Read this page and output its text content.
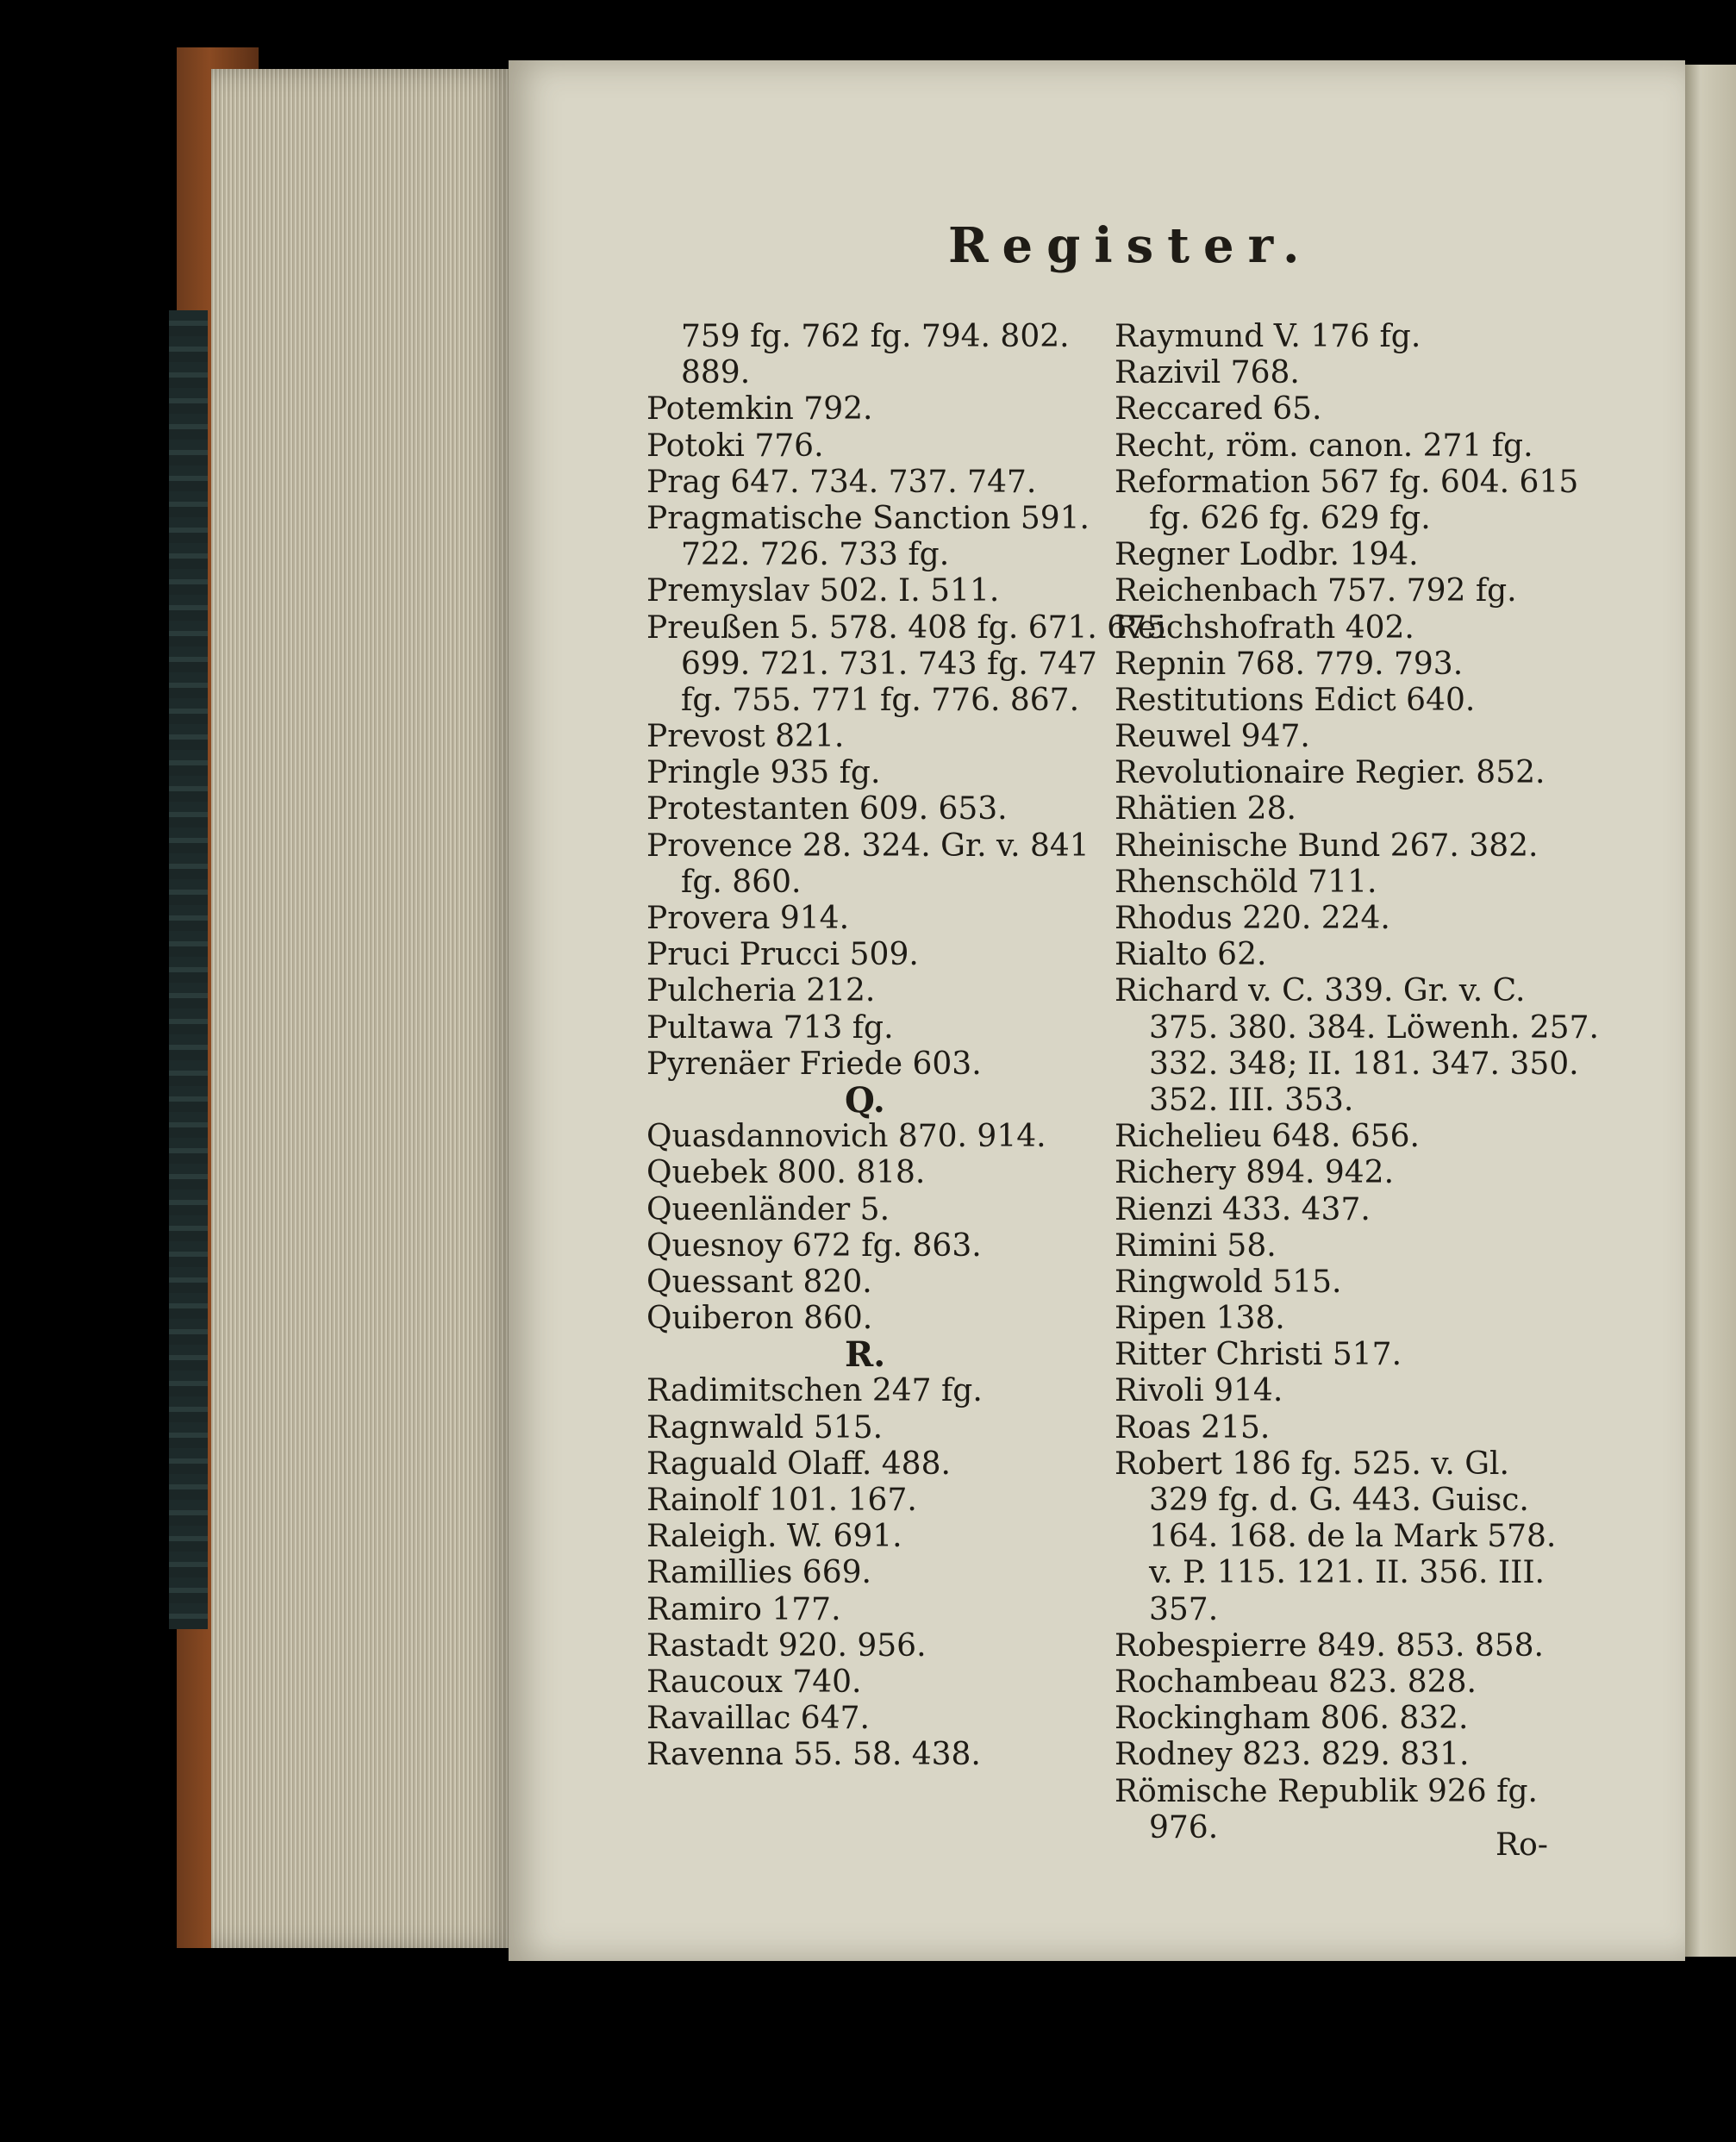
Register.
759 fg. 762 fg. 794. 802.
889.
Potemkin 792.
Potoki 776.
Prag 647. 734. 737. 747.
Pragmatische Sanction 591.
722. 726. 733 fg.
Premyslav 502. I. 511.
Preußen 5. 578. 408 fg. 671. 675
699. 721. 731. 743 fg. 747
fg. 755. 771 fg. 776. 867.
Prevost 821.
Pringle 935 fg.
Protestanten 609. 653.
Provence 28. 324. Gr. v. 841
fg. 860.
Provera 914.
Pruci Prucci 509.
Pulcheria 212.
Pultawa 713 fg.
Pyrenäer Friede 603.
Q.
Quasdannovich 870. 914.
Quebek 800. 818.
Queenländer 5.
Quesnoy 672 fg. 863.
Quessant 820.
Quiberon 860.
R.
Radimitschen 247 fg.
Ragnwald 515.
Raguald Olaff. 488.
Rainolf 101. 167.
Raleigh. W. 691.
Ramillies 669.
Ramiro 177.
Rastadt 920. 956.
Raucoux 740.
Ravaillac 647.
Ravenna 55. 58. 438.
Raymund V. 176 fg.
Razivil 768.
Reccared 65.
Recht, röm. canon. 271 fg.
Reformation 567 fg. 604. 615
fg. 626 fg. 629 fg.
Regner Lodbr. 194.
Reichenbach 757. 792 fg.
Reichshofrath 402.
Repnin 768. 779. 793.
Restitutions Edict 640.
Reuwel 947.
Revolutionaire Regier. 852.
Rhätien 28.
Rheinische Bund 267. 382.
Rhenschöld 711.
Rhodus 220. 224.
Rialto 62.
Richard v. C. 339. Gr. v. C.
375. 380. 384. Löwenh. 257.
332. 348; II. 181. 347. 350.
352. III. 353.
Richelieu 648. 656.
Richery 894. 942.
Rienzi 433. 437.
Rimini 58.
Ringwold 515.
Ripen 138.
Ritter Christi 517.
Rivoli 914.
Roas 215.
Robert 186 fg. 525. v. Gl.
329 fg. d. G. 443. Guisc.
164. 168. de la Mark 578.
v. P. 115. 121. II. 356. III.
357.
Robespierre 849. 853. 858.
Rochambeau 823. 828.
Rockingham 806. 832.
Rodney 823. 829. 831.
Römische Republik 926 fg.
976.	Ro-
